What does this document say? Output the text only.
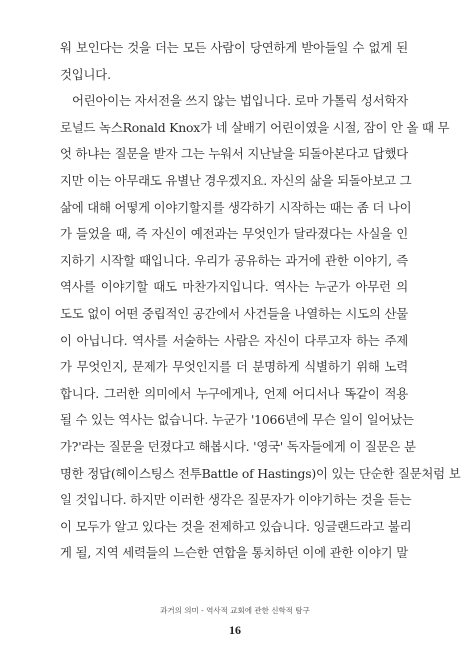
워 보인다는 것을 더는 모든 사람이 당연하게 받아들일 수 없게 된
것입니다.
어린아이는 자서전을 쓰지 않는 법입니다. 로마 가톨릭 성서학자
로널드 녹스Ronald Knox가 네 살배기 어린이였을 시절, 잠이 안 올 때 무
엇 하냐는 질문을 받자 그는 누워서 지난날을 되돌아본다고 답했다
지만 이는 아무래도 유별난 경우겠지요. 자신의 삶을 되돌아보고 그
삶에 대해 어떻게 이야기할지를 생각하기 시작하는 때는 좀 더 나이
가 들었을 때, 즉 자신이 예전과는 무엇인가 달라졌다는 사실을 인
지하기 시작할 때입니다. 우리가 공유하는 과거에 관한 이야기, 즉
역사를 이야기할 때도 마찬가지입니다. 역사는 누군가 아무런 의
도도 없이 어떤 중립적인 공간에서 사건들을 나열하는 시도의 산물
이 아닙니다. 역사를 서술하는 사람은 자신이 다루고자 하는 주제
가 무엇인지, 문제가 무엇인지를 더 분명하게 식별하기 위해 노력
합니다. 그러한 의미에서 누구에게나, 언제 어디서나 똑같이 적용
될 수 있는 역사는 없습니다. 누군가 '1066년에 무슨 일이 일어났는
가?'라는 질문을 던졌다고 해봅시다. '영국' 독자들에게 이 질문은 분
명한 정답(헤이스팅스 전투Battle of Hastings)이 있는 단순한 질문처럼 보
일 것입니다. 하지만 이러한 생각은 질문자가 이야기하는 것을 듣는
이 모두가 알고 있다는 것을 전제하고 있습니다. 잉글랜드라고 불리
게 될, 지역 세력들의 느슨한 연합을 통치하던 이에 관한 이야기 말
과거의 의미 - 역사적 교회에 관한 신학적 탐구
16
